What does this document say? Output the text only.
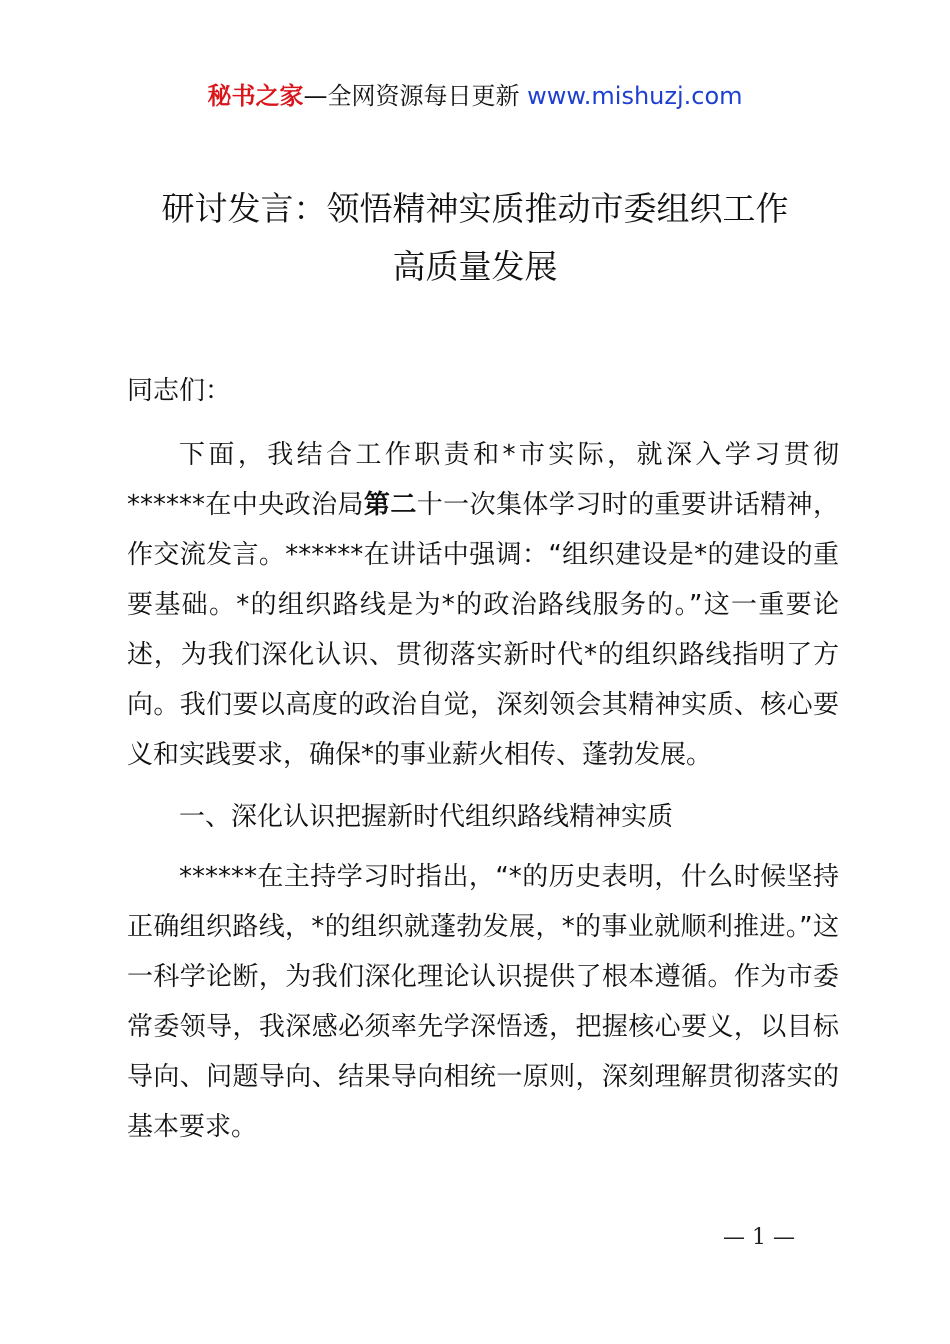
秘书之家—全网资源每日更新 www.mishuzj.com
研讨发言：领悟精神实质推动市委组织工作
高质量发展

同志们：

下面，我结合工作职责和*市实际，就深入学习贯彻******在中央政治局第二十一次集体学习时的重要讲话精神，作交流发言。******在讲话中强调：“组织建设是*的建设的重要基础。*的组织路线是为*的政治路线服务的。”这一重要论述，为我们深化认识、贯彻落实新时代*的组织路线指明了方向。我们要以高度的政治自觉，深刻领会其精神实质、核心要义和实践要求，确保*的事业薪火相传、蓬勃发展。

一、深化认识把握新时代组织路线精神实质

******在主持学习时指出，“*的历史表明，什么时候坚持正确组织路线，*的组织就蓬勃发展，*的事业就顺利推进。”这一科学论断，为我们深化理论认识提供了根本遵循。作为市委常委领导，我深感必须率先学深悟透，把握核心要义，以目标导向、问题导向、结果导向相统一原则，深刻理解贯彻落实的基本要求。

— 1 —
